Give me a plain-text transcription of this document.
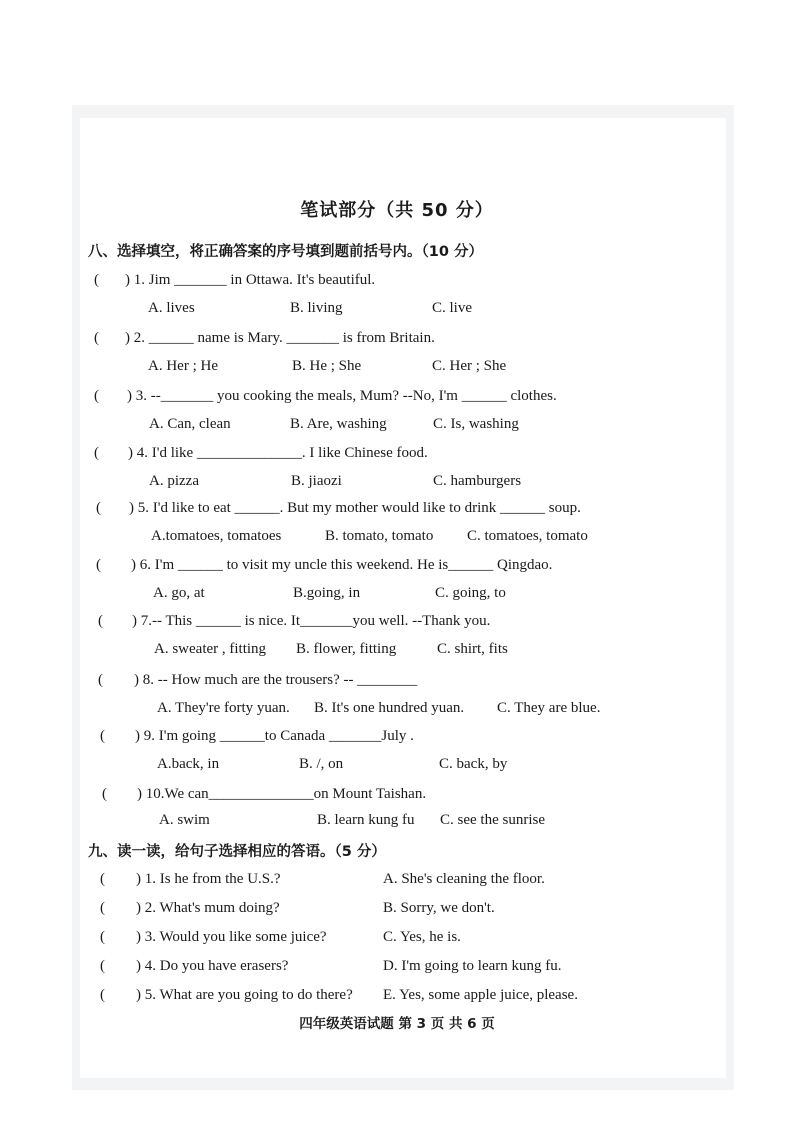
笔试部分（共 50 分）
八、选择填空，将正确答案的序号填到题前括号内。（10 分）
( ) 1. Jim _______ in Ottawa. It's beautiful.
A. lives	B. living	C. live
( ) 2. ______ name is Mary. _______ is from Britain.
A. Her ; He	B. He ; She	C. Her ; She
( ) 3. --_______ you cooking the meals, Mum? --No, I'm ______ clothes.
A. Can, clean	B. Are, washing	C. Is, washing
( ) 4. I'd like ______________. I like Chinese food.
A. pizza	B. jiaozi	C. hamburgers
( ) 5. I'd like to eat ______. But my mother would like to drink ______ soup.
A.tomatoes, tomatoes	B. tomato, tomato C. tomatoes, tomato
( ) 6. I'm ______ to visit my uncle this weekend. He is______ Qingdao.
A. go, at	B.going, in	C. going, to
( ) 7.-- This ______ is nice. It_______you well. --Thank you.
A. sweater , fitting B. flower, fitting	C. shirt, fits
( ) 8. -- How much are the trousers? -- ________
A. They're forty yuan. B. It's one hundred yuan. C. They are blue.
( ) 9. I'm going ______to Canada _______July .
A.back, in	B. /, on	C. back, by
( ) 10.We can______________on Mount Taishan.
A. swim	B. learn kung fu C. see the sunrise
九、读一读，给句子选择相应的答语。（5 分）
( ) 1. Is he from the U.S.?	A. She's cleaning the floor.
( ) 2. What's mum doing?	B. Sorry, we don't.
( ) 3. Would you like some juice?	C. Yes, he is.
( ) 4. Do you have erasers?	D. I'm going to learn kung fu.
( ) 5. What are you going to do there? E. Yes, some apple juice, please.
四年级英语试题 第 3 页 共 6 页
